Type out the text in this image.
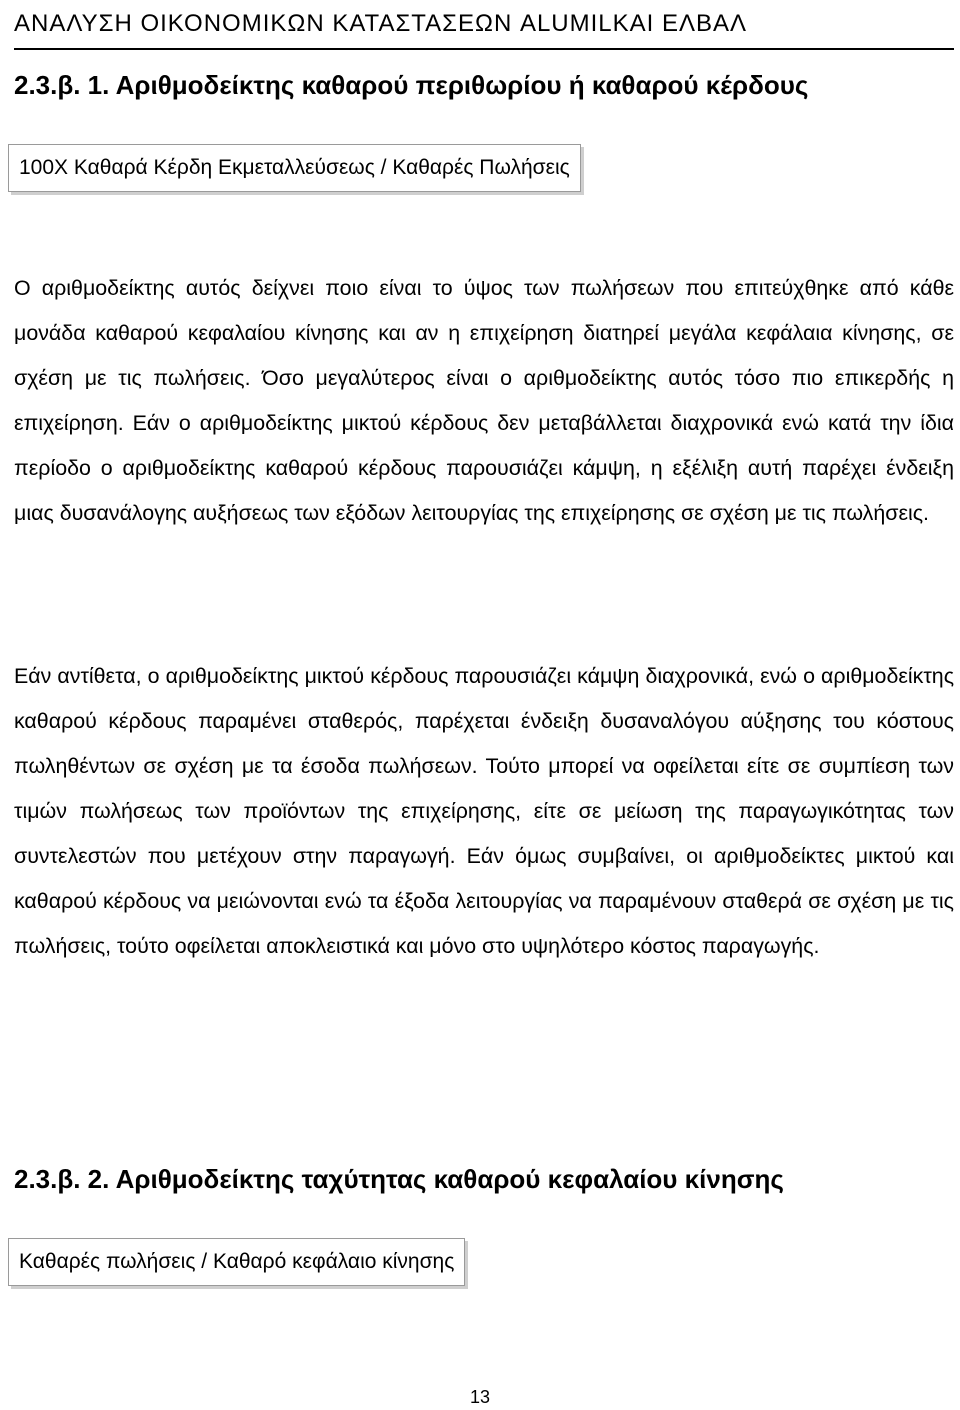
ΑΝΑΛΥΣΗ ΟΙΚΟΝΟΜΙΚΩΝ ΚΑΤΑΣΤΑΣΕΩΝ ALUMILKAI ΕΛΒΑΛ
2.3.β. 1. Αριθμοδείκτης καθαρού περιθωρίου ή καθαρού κέρδους
100X Καθαρά Κέρδη Εκμεταλλεύσεως / Καθαρές Πωλήσεις

Ο αριθμοδείκτης αυτός δείχνει ποιο είναι το ύψος των πωλήσεων που επιτεύχθηκε από κάθε μονάδα καθαρού κεφαλαίου κίνησης και αν η επιχείρηση διατηρεί μεγάλα κεφάλαια κίνησης, σε σχέση με τις πωλήσεις. Όσο μεγαλύτερος είναι ο αριθμοδείκτης αυτός τόσο πιο επικερδής η επιχείρηση. Εάν ο αριθμοδείκτης μικτού κέρδους δεν μεταβάλλεται διαχρονικά ενώ κατά την ίδια περίοδο ο αριθμοδείκτης καθαρού κέρδους παρουσιάζει κάμψη, η εξέλιξη αυτή παρέχει ένδειξη μιας δυσανάλογης αυξήσεως των εξόδων λειτουργίας της επιχείρησης σε σχέση με τις πωλήσεις.

Εάν αντίθετα, ο αριθμοδείκτης μικτού κέρδους παρουσιάζει κάμψη διαχρονικά, ενώ ο αριθμοδείκτης καθαρού κέρδους παραμένει σταθερός, παρέχεται ένδειξη δυσαναλόγου αύξησης του κόστους πωληθέντων σε σχέση με τα έσοδα πωλήσεων. Τούτο μπορεί να οφείλεται είτε σε συμπίεση των τιμών πωλήσεως των προϊόντων της επιχείρησης, είτε σε μείωση της παραγωγικότητας των συντελεστών που μετέχουν στην παραγωγή. Εάν όμως συμβαίνει, οι αριθμοδείκτες μικτού και καθαρού κέρδους να μειώνονται ενώ τα έξοδα λειτουργίας να παραμένουν σταθερά σε σχέση με τις πωλήσεις, τούτο οφείλεται αποκλειστικά και μόνο στο υψηλότερο κόστος παραγωγής.

2.3.β. 2. Αριθμοδείκτης ταχύτητας καθαρού κεφαλαίου κίνησης
Καθαρές πωλήσεις / Καθαρό κεφάλαιο κίνησης
13
